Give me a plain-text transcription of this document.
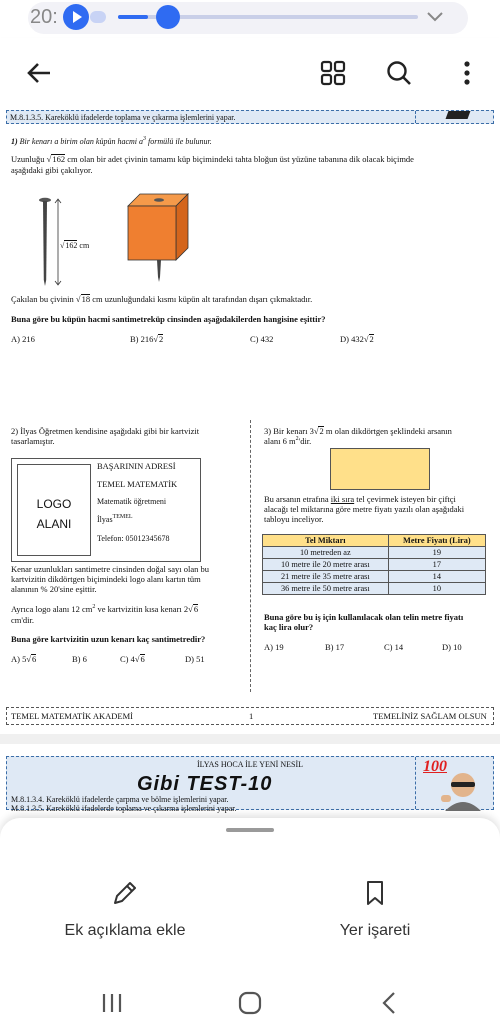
20:
M.8.1.3.5. Kareköklü ifadelerde toplama ve çıkarma işlemlerini yapar.
1) Bir kenarı a birim olan küpün hacmi $a^3$ formülü ile bulunur.
Uzunluğu √162 cm olan bir adet çivinin tamamı küp biçimindeki tahta bloğun üst yüzüne tabanına dik olacak biçimde
aşağıdaki gibi çakılıyor.
√162 cm
Çakılan bu çivinin √18 cm uzunluğundaki kısmı küpün alt tarafından dışarı çıkmaktadır.
Buna göre bu küpün hacmi santimetreküp cinsinden aşağıdakilerden hangisine eşittir?
A) 216	B) 216√2	C) 432	D) 432√2
2) İlyas Öğretmen kendisine aşağıdaki gibi bir kartvizit
tasarlamıştır.
LOGO
ALANI
BAŞARININ ADRESİ
TEMEL MATEMATİK
Matematik öğretmeni
İlyas$^{TEMEL}$
Telefon: 05012345678
Kenar uzunlukları santimetre cinsinden doğal sayı olan bu
kartvizitin dikdörtgen biçimindeki logo alanı kartın tüm
alanının % 20'sine eşittir.
Ayrıca logo alanı 12 $cm^2$ ve kartvizitin kısa kenarı 2√6
cm'dir.
Buna göre kartvizitin uzun kenarı kaç santimetredir?
A) 5√6	B) 6	C) 4√6	D) 51
3) Bir kenarı 3√2 m olan dikdörtgen şeklindeki arsanın
alanı 6 $m^2'dir$.
Bu arsanın etrafına iki sıra tel çevirmek isteyen bir çiftçi
alacağı tel miktarına göre metre fiyatı yazılı olan aşağıdaki
tabloyu inceliyor.
Tel Miktarı	Metre Fiyatı (Lira)
10 metreden az	19
10 metre ile 20 metre arası	17
21 metre ile 35 metre arası	14
36 metre ile 50 metre arası	10
Buna göre bu iş için kullanılacak olan telin metre fiyatı
kaç lira olur?
A) 19	B) 17	C) 14	D) 10
TEMEL MATEMATİK AKADEMİ	1	TEMELİNİZ SAĞLAM OLSUN
İLYAS HOCA İLE YENİ NESİL
Gibi TEST-10
M.8.1.3.4. Kareköklü ifadelerde çarpma ve bölme işlemlerini yapar.
M.8.1.3.5. Kareköklü ifadelerde toplama ve çıkarma işlemlerini yapar.
100
Ek açıklama ekle	Yer işareti
